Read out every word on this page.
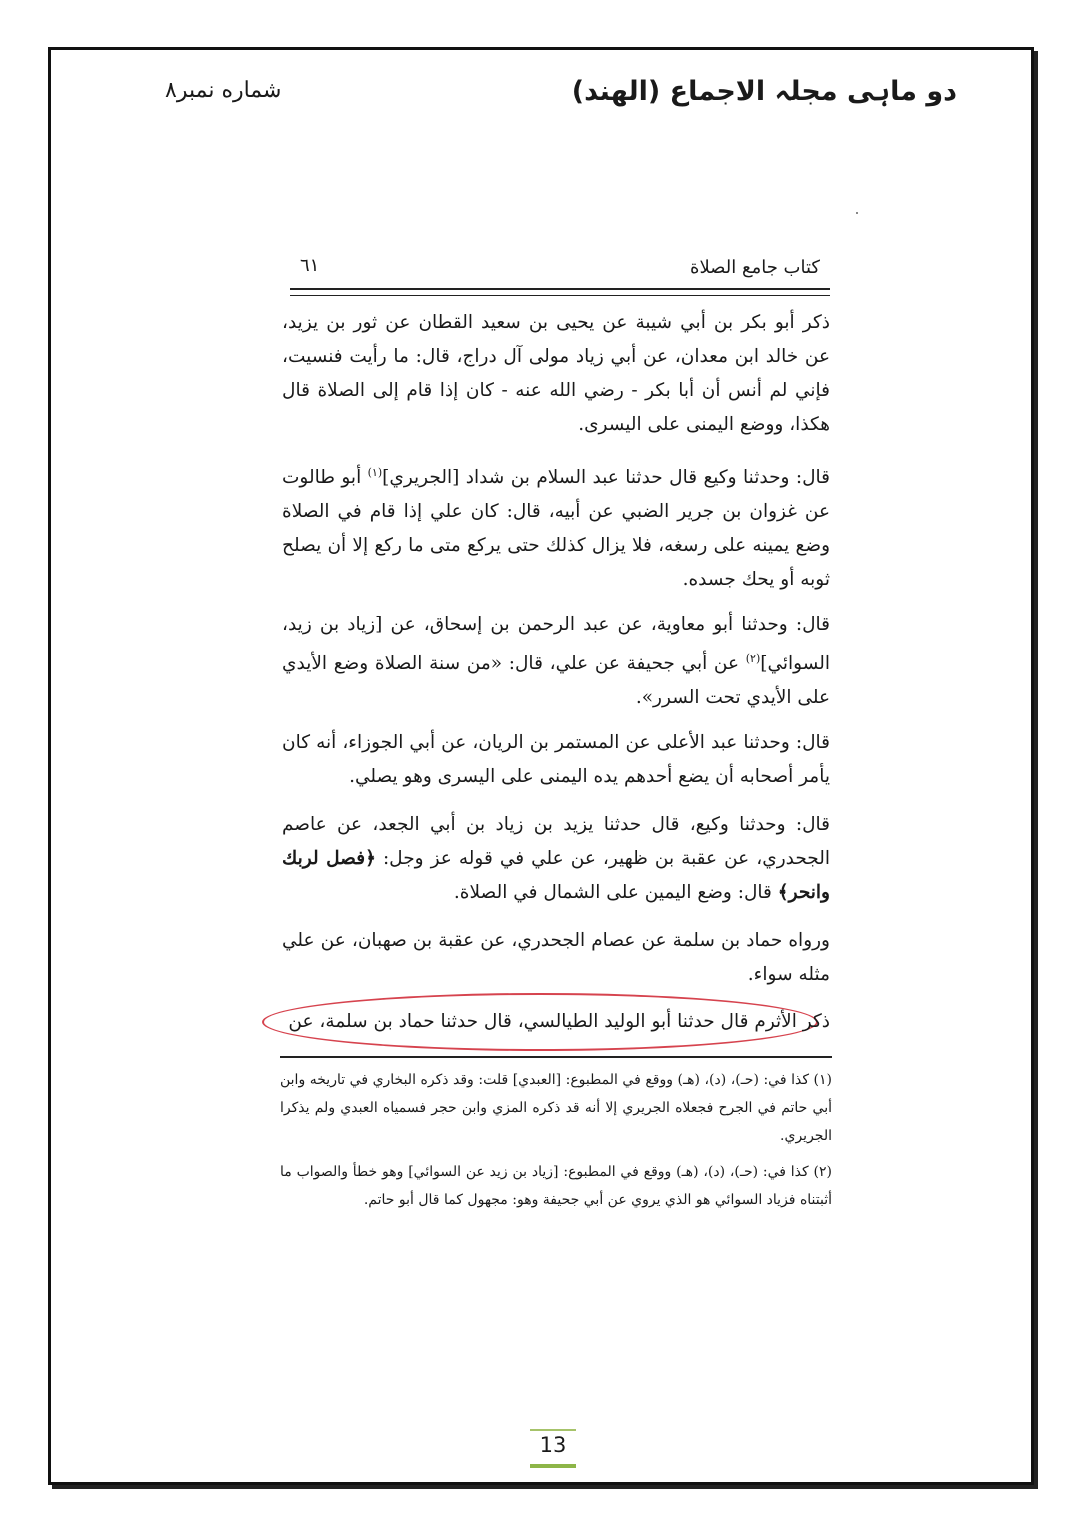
دو ماہی مجلہ الاجماع (الهند)
شماره نمبر۸
٦١	كتاب جامع الصلاة
ذكر أبو بكر بن أبي شيبة عن يحيى بن سعيد القطان عن ثور بن يزيد، عن خالد ابن معدان، عن أبي زياد مولى آل دراج، قال: ما رأيت فنسيت، فإني لم أنس أن أبا بكر - رضي الله عنه - كان إذا قام إلى الصلاة قال هكذا، ووضع اليمنى على اليسرى.
قال: وحدثنا وكيع قال حدثنا عبد السلام بن شداد [الجريري]$^{(١)}$ أبو طالوت عن غزوان بن جرير الضبي عن أبيه، قال: كان علي إذا قام في الصلاة وضع يمينه على رسغه، فلا يزال كذلك حتى يركع متى ما ركع إلا أن يصلح ثوبه أو يحك جسده.
قال: وحدثنا أبو معاوية، عن عبد الرحمن بن إسحاق، عن [زياد بن زيد، السوائي]$^{(٢)}$ عن أبي جحيفة عن علي، قال: «من سنة الصلاة وضع الأيدي على الأيدي تحت السرر».
قال: وحدثنا عبد الأعلى عن المستمر بن الريان، عن أبي الجوزاء، أنه كان يأمر أصحابه أن يضع أحدهم يده اليمنى على اليسرى وهو يصلي.
قال: وحدثنا وكيع، قال حدثنا يزيد بن زياد بن أبي الجعد، عن عاصم الجحدري، عن عقبة بن ظهير، عن علي في قوله عز وجل: ﴿فصل لربك وانحر﴾ قال: وضع اليمين على الشمال في الصلاة.
ورواه حماد بن سلمة عن عصام الجحدري، عن عقبة بن صهبان، عن علي مثله سواء.
ذكر الأثرم قال حدثنا أبو الوليد الطيالسي، قال حدثنا حماد بن سلمة، عن
(١) كذا في: (حـ)، (د)، (هـ) ووقع في المطبوع: [العبدي] قلت: وقد ذكره البخاري في تاريخه وابن أبي حاتم في الجرح فجعلاه الجريري إلا أنه قد ذكره المزي وابن حجر فسمياه العبدي ولم يذكرا الجريري.
(٢) كذا في: (حـ)، (د)، (هـ) ووقع في المطبوع: [زياد بن زيد عن السوائي] وهو خطأ والصواب ما أثبتناه فزياد السوائي هو الذي يروي عن أبي جحيفة وهو: مجهول كما قال أبو حاتم.
13
